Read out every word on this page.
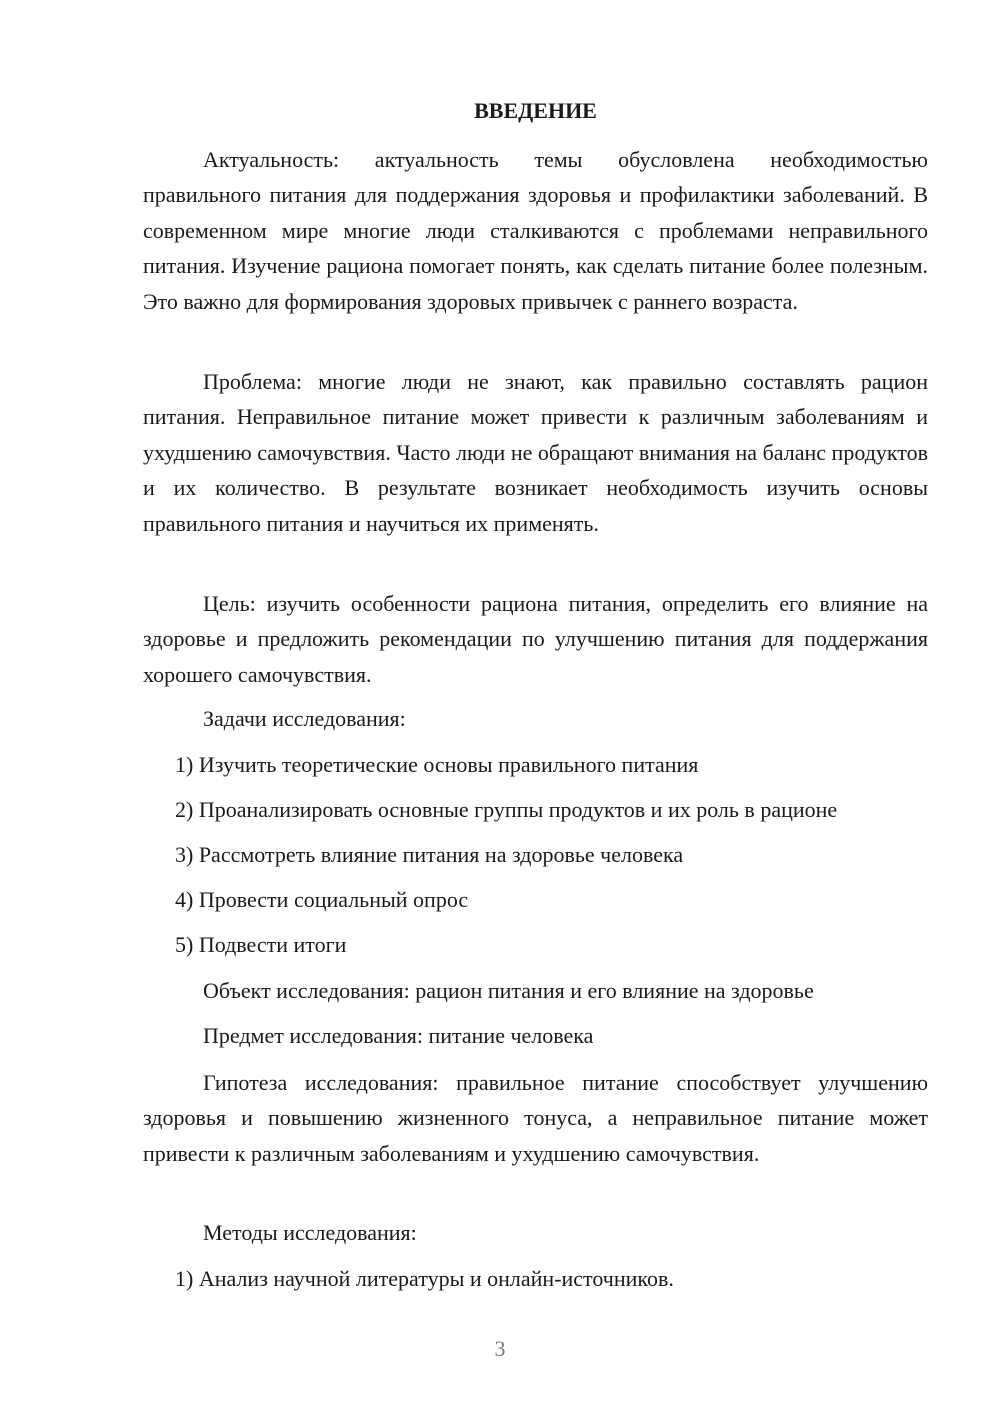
ВВЕДЕНИЕ

Актуальность: актуальность темы обусловлена необходимостью правильного питания для поддержания здоровья и профилактики заболеваний. В современном мире многие люди сталкиваются с проблемами неправильного питания. Изучение рациона помогает понять, как сделать питание более полезным. Это важно для формирования здоровых привычек с раннего возраста.

Проблема: многие люди не знают, как правильно составлять рацион питания. Неправильное питание может привести к различным заболеваниям и ухудшению самочувствия. Часто люди не обращают внимания на баланс продуктов и их количество. В результате возникает необходимость изучить основы правильного питания и научиться их применять.

Цель: изучить особенности рациона питания, определить его влияние на здоровье и предложить рекомендации по улучшению питания для поддержания хорошего самочувствия.

Задачи исследования:

1) Изучить теоретические основы правильного питания

2) Проанализировать основные группы продуктов и их роль в рационе

3) Рассмотреть влияние питания на здоровье человека

4) Провести социальный опрос

5) Подвести итоги

Объект исследования: рацион питания и его влияние на здоровье

Предмет исследования: питание человека

Гипотеза исследования: правильное питание способствует улучшению здоровья и повышению жизненного тонуса, а неправильное питание может привести к различным заболеваниям и ухудшению самочувствия.

Методы исследования:

1) Анализ научной литературы и онлайн-источников.

3
